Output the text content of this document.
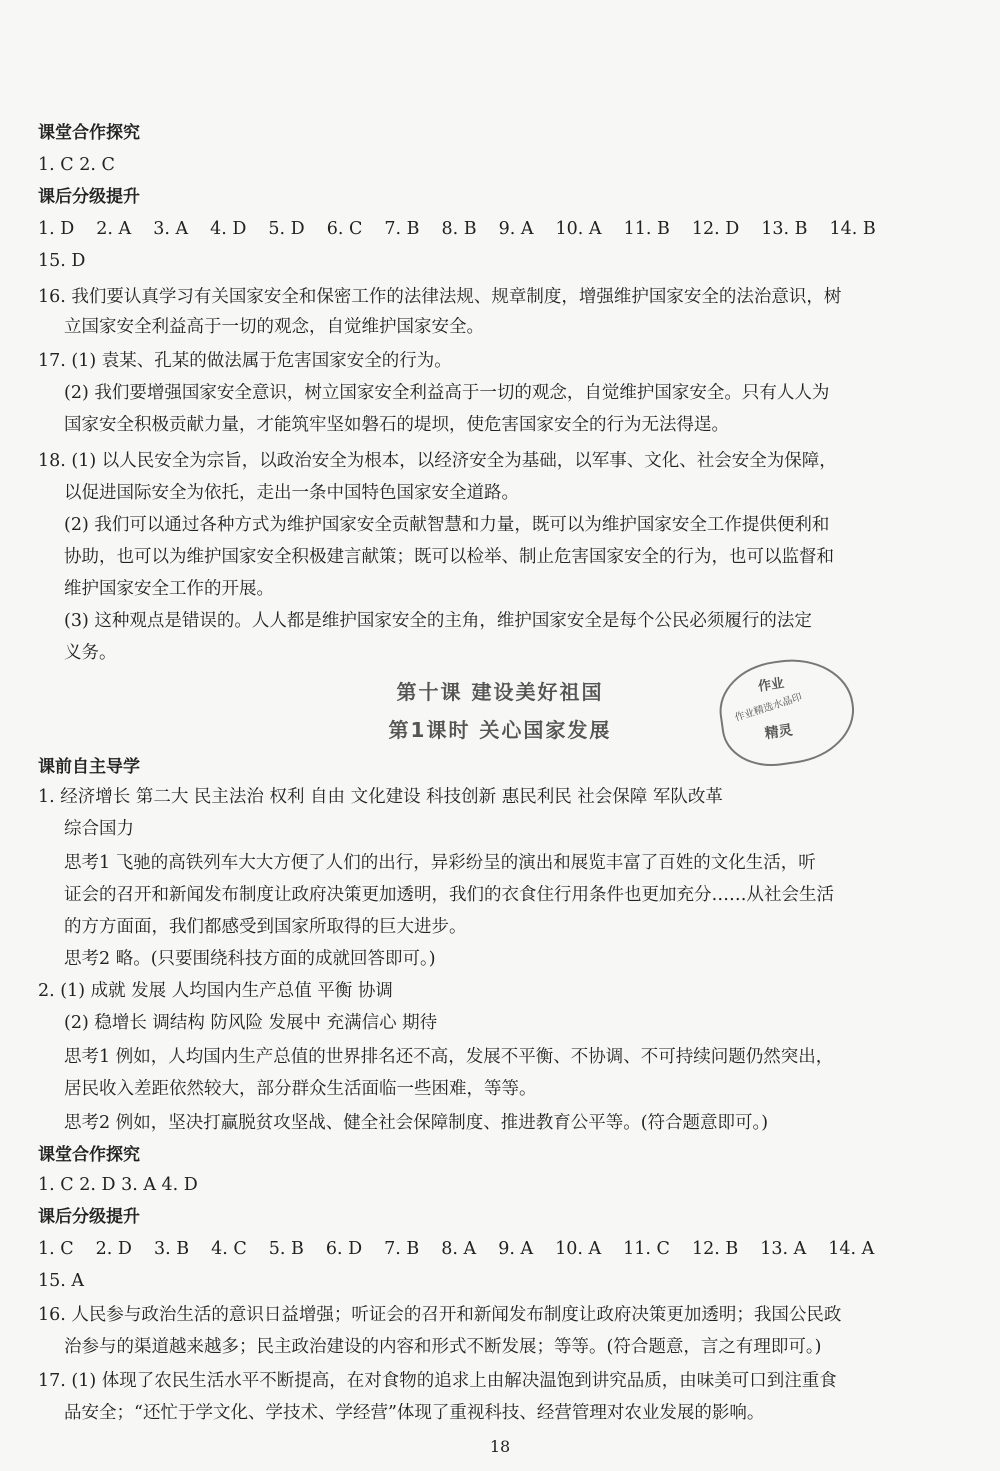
课堂合作探究
1. C 2. C
课后分级提升
1. D 2. A 3. A 4. D 5. D 6. C 7. B 8. B 9. A 10. A 11. B 12. D 13. B 14. B
15. D
16. 我们要认真学习有关国家安全和保密工作的法律法规、规章制度，增强维护国家安全的法治意识，树
立国家安全利益高于一切的观念，自觉维护国家安全。
17. (1) 袁某、孔某的做法属于危害国家安全的行为。
(2) 我们要增强国家安全意识，树立国家安全利益高于一切的观念，自觉维护国家安全。只有人人为
国家安全积极贡献力量，才能筑牢坚如磐石的堤坝，使危害国家安全的行为无法得逞。
18. (1) 以人民安全为宗旨，以政治安全为根本，以经济安全为基础，以军事、文化、社会安全为保障，
以促进国际安全为依托，走出一条中国特色国家安全道路。
(2) 我们可以通过各种方式为维护国家安全贡献智慧和力量，既可以为维护国家安全工作提供便利和
协助，也可以为维护国家安全积极建言献策；既可以检举、制止危害国家安全的行为，也可以监督和
维护国家安全工作的开展。
(3) 这种观点是错误的。人人都是维护国家安全的主角，维护国家安全是每个公民必须履行的法定
义务。
第十课 建设美好祖国
第1课时 关心国家发展
作业
作业精选水晶印
精灵
课前自主导学
1. 经济增长 第二大 民主法治 权利 自由 文化建设 科技创新 惠民利民 社会保障 军队改革
综合国力
思考1 飞驰的高铁列车大大方便了人们的出行，异彩纷呈的演出和展览丰富了百姓的文化生活，听
证会的召开和新闻发布制度让政府决策更加透明，我们的衣食住行用条件也更加充分……从社会生活
的方方面面，我们都感受到国家所取得的巨大进步。
思考2 略。(只要围绕科技方面的成就回答即可。)
2. (1) 成就 发展 人均国内生产总值 平衡 协调
(2) 稳增长 调结构 防风险 发展中 充满信心 期待
思考1 例如，人均国内生产总值的世界排名还不高，发展不平衡、不协调、不可持续问题仍然突出，
居民收入差距依然较大，部分群众生活面临一些困难，等等。
思考2 例如，坚决打赢脱贫攻坚战、健全社会保障制度、推进教育公平等。(符合题意即可。)
课堂合作探究
1. C 2. D 3. A 4. D
课后分级提升
1. C 2. D 3. B 4. C 5. B 6. D 7. B 8. A 9. A 10. A 11. C 12. B 13. A 14. A
15. A
16. 人民参与政治生活的意识日益增强；听证会的召开和新闻发布制度让政府决策更加透明；我国公民政
治参与的渠道越来越多；民主政治建设的内容和形式不断发展；等等。(符合题意，言之有理即可。)
17. (1) 体现了农民生活水平不断提高，在对食物的追求上由解决温饱到讲究品质，由味美可口到注重食
品安全；“还忙于学文化、学技术、学经营”体现了重视科技、经营管理对农业发展的影响。
18
